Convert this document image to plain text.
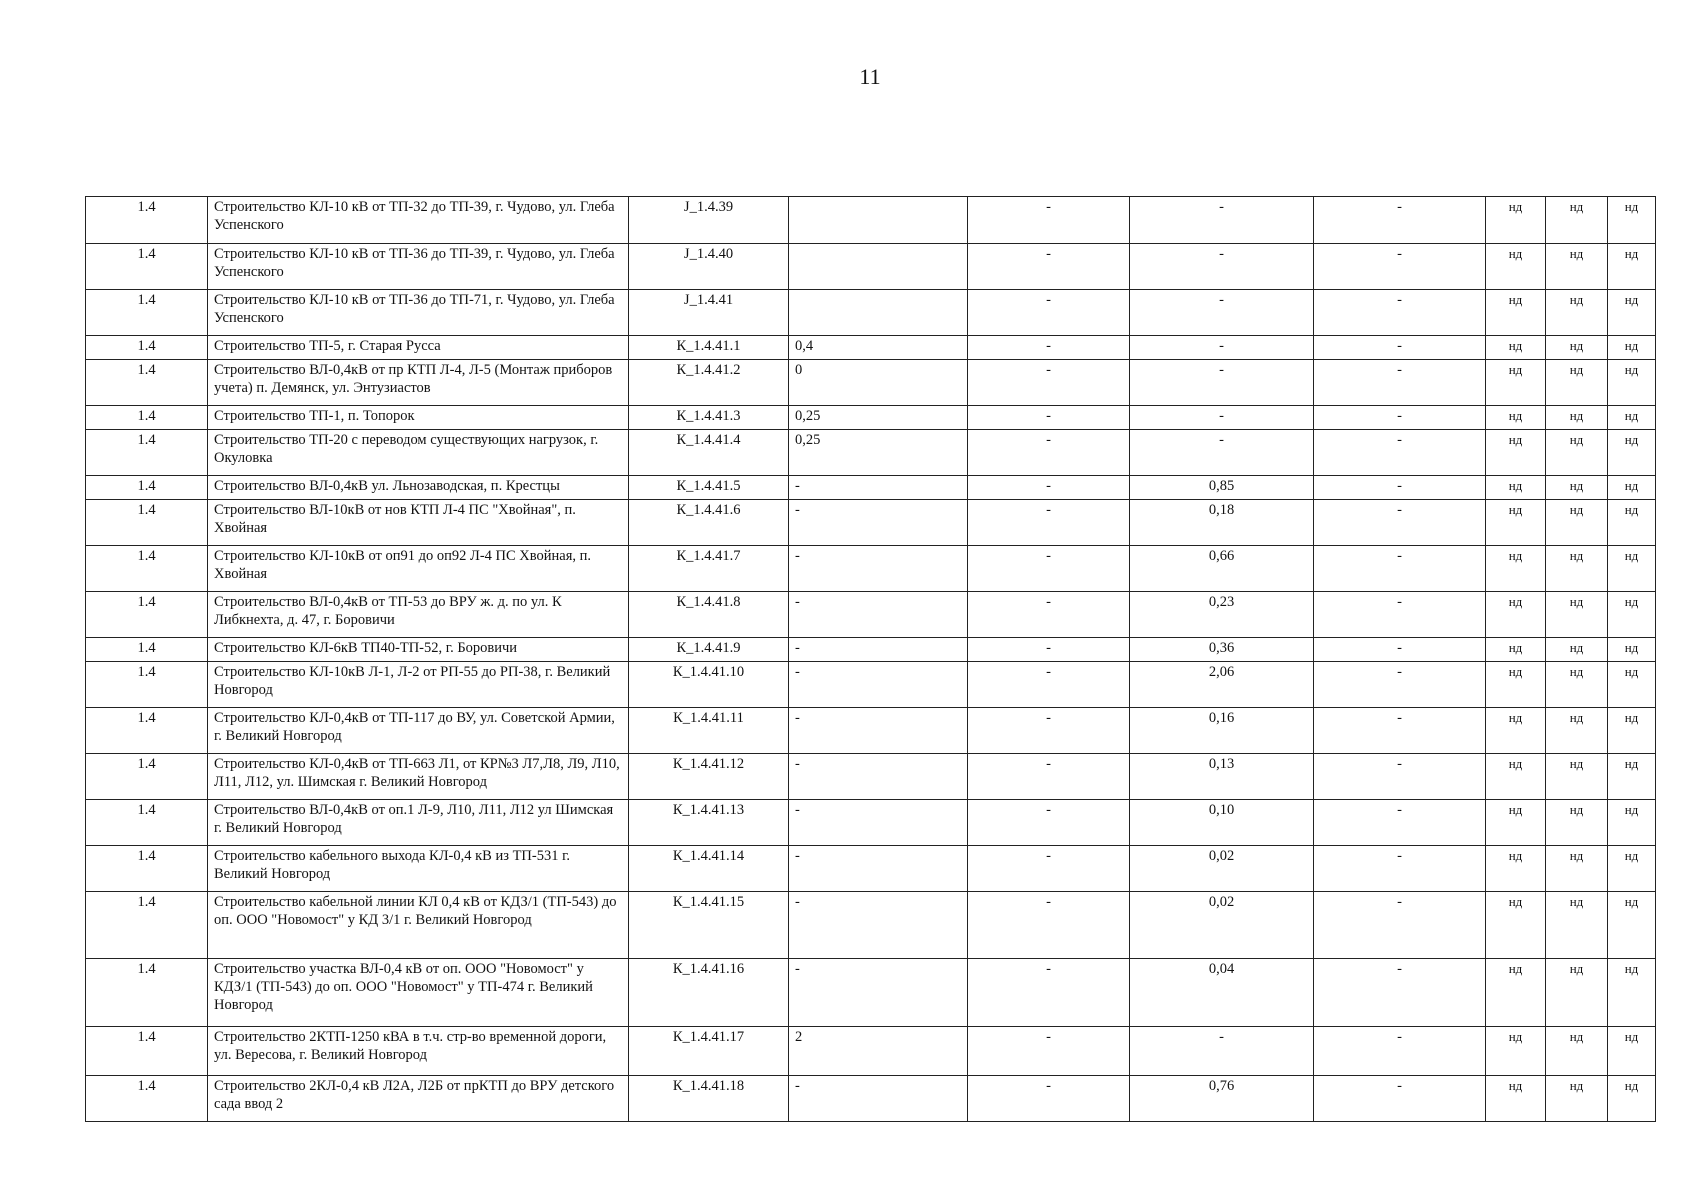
11
1.4	Строительство КЛ-10 кВ от ТП-32 до ТП-39, г. Чудово, ул. Глеба Успенского	J_1.4.39		-	-	-	нд	нд	нд
1.4	Строительство КЛ-10 кВ от ТП-36 до ТП-39, г. Чудово, ул. Глеба Успенского	J_1.4.40		-	-	-	нд	нд	нд
1.4	Строительство КЛ-10 кВ от ТП-36 до ТП-71, г. Чудово, ул. Глеба Успенского	J_1.4.41		-	-	-	нд	нд	нд
1.4	Строительство ТП-5, г. Старая Русса	К_1.4.41.1	0,4	-	-	-	нд	нд	нд
1.4	Строительство ВЛ-0,4кВ от пр КТП Л-4, Л-5 (Монтаж приборов учета) п. Демянск, ул. Энтузиастов	К_1.4.41.2	0	-	-	-	нд	нд	нд
1.4	Строительство ТП-1, п. Топорок	К_1.4.41.3	0,25	-	-	-	нд	нд	нд
1.4	Строительство ТП-20 с переводом существующих нагрузок, г. Окуловка	К_1.4.41.4	0,25	-	-	-	нд	нд	нд
1.4	Строительство ВЛ-0,4кВ ул. Льнозаводская, п. Крестцы	К_1.4.41.5	-	-	0,85	-	нд	нд	нд
1.4	Строительство ВЛ-10кВ от нов КТП Л-4 ПС "Хвойная", п. Хвойная	К_1.4.41.6	-	-	0,18	-	нд	нд	нд
1.4	Строительство КЛ-10кВ от оп91 до оп92 Л-4 ПС Хвойная, п. Хвойная	К_1.4.41.7	-	-	0,66	-	нд	нд	нд
1.4	Строительство ВЛ-0,4кВ от ТП-53 до ВРУ ж. д. по ул. К Либкнехта, д. 47, г. Боровичи	К_1.4.41.8	-	-	0,23	-	нд	нд	нд
1.4	Строительство КЛ-6кВ ТП40-ТП-52, г. Боровичи	К_1.4.41.9	-	-	0,36	-	нд	нд	нд
1.4	Строительство КЛ-10кВ Л-1, Л-2 от РП-55 до РП-38, г. Великий Новгород	К_1.4.41.10	-	-	2,06	-	нд	нд	нд
1.4	Строительство КЛ-0,4кВ от ТП-117 до ВУ, ул. Советской Армии, г. Великий Новгород	К_1.4.41.11	-	-	0,16	-	нд	нд	нд
1.4	Строительство КЛ-0,4кВ от ТП-663 Л1, от КР№3 Л7,Л8, Л9, Л10, Л11, Л12, ул. Шимская г. Великий Новгород	К_1.4.41.12	-	-	0,13	-	нд	нд	нд
1.4	Строительство ВЛ-0,4кВ от оп.1 Л-9, Л10, Л11, Л12 ул Шимская г. Великий Новгород	К_1.4.41.13	-	-	0,10	-	нд	нд	нд
1.4	Строительство кабельного выхода КЛ-0,4 кВ из ТП-531 г. Великий Новгород	К_1.4.41.14	-	-	0,02	-	нд	нд	нд
1.4	Строительство кабельной линии КЛ 0,4 кВ от КДЗ/1 (ТП-543) до оп. ООО "Новомост" у КД 3/1 г. Великий Новгород	К_1.4.41.15	-	-	0,02	-	нд	нд	нд
1.4	Строительство участка ВЛ-0,4 кВ от оп. ООО "Новомост" у КДЗ/1 (ТП-543) до оп. ООО "Новомост" у ТП-474 г. Великий Новгород	К_1.4.41.16	-	-	0,04	-	нд	нд	нд
1.4	Строительство 2КТП-1250 кВА в т.ч. стр-во временной дороги, ул. Вересова, г. Великий Новгород	К_1.4.41.17	2	-	-	-	нд	нд	нд
1.4	Строительство 2КЛ-0,4 кВ Л2А, Л2Б от прКТП до ВРУ детского сада ввод 2	К_1.4.41.18	-	-	0,76	-	нд	нд	нд
